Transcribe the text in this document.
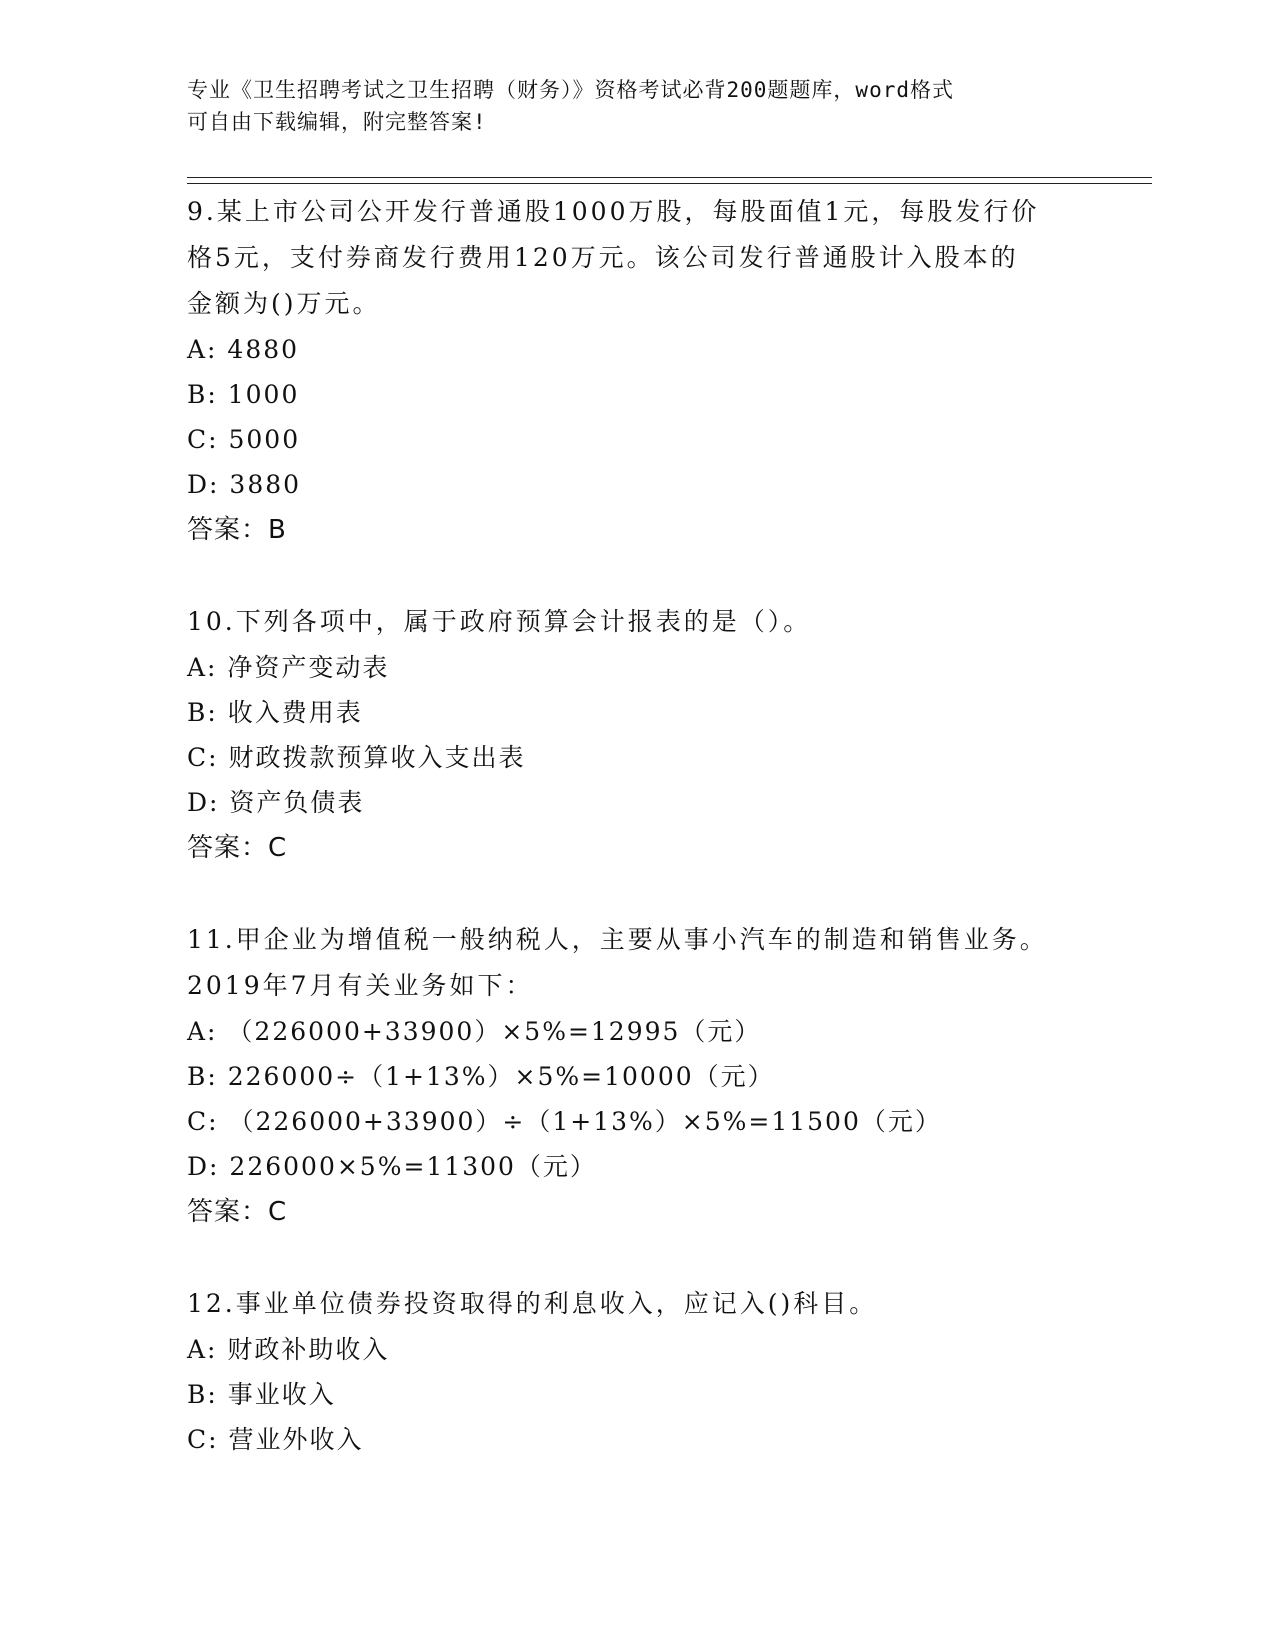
专业《卫生招聘考试之卫生招聘（财务）》资格考试必背200题题库，word格式
可自由下载编辑，附完整答案!
9.某上市公司公开发行普通股1000万股，每股面值1元，每股发行价
格5元，支付券商发行费用120万元。该公司发行普通股计入股本的
金额为()万元。
A: 4880
B: 1000
C: 5000
D: 3880
答案：B
10.下列各项中，属于政府预算会计报表的是（）。
A: 净资产变动表
B: 收入费用表
C: 财政拨款预算收入支出表
D: 资产负债表
答案：C
11.甲企业为增值税一般纳税人，主要从事小汽车的制造和销售业务。
2019年7月有关业务如下：
A: （226000+33900）×5%=12995（元）
B: 226000÷（1+13%）×5%=10000（元）
C: （226000+33900）÷（1+13%）×5%=11500（元）
D: 226000×5%=11300（元）
答案：C
12.事业单位债券投资取得的利息收入，应记入()科目。
A: 财政补助收入
B: 事业收入
C: 营业外收入
